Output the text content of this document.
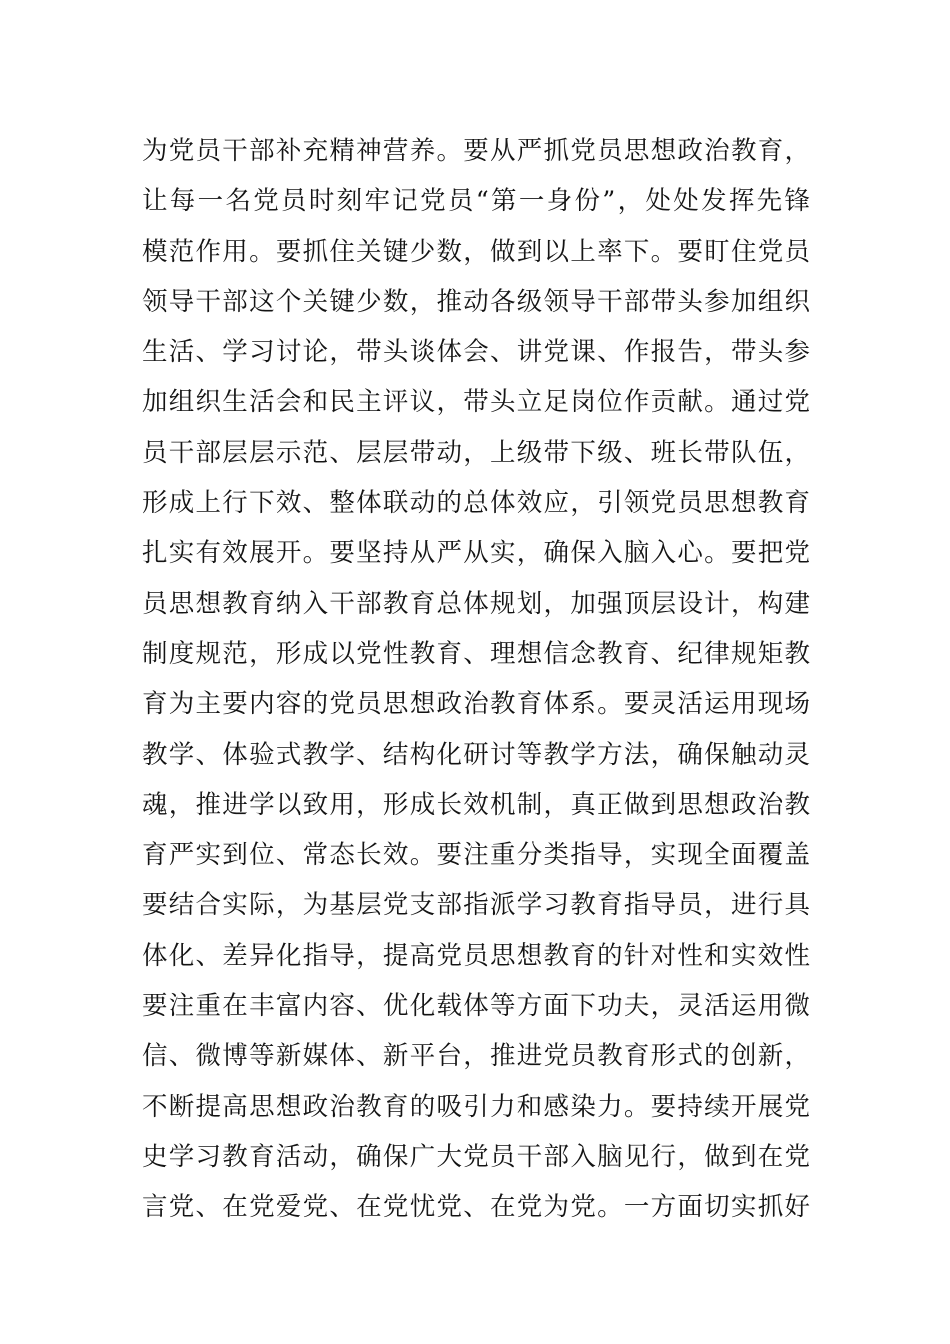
为党员干部补充精神营养。要从严抓党员思想政治教育，
让每一名党员时刻牢记党员“第一身份”，处处发挥先锋
模范作用。要抓住关键少数，做到以上率下。要盯住党员
领导干部这个关键少数，推动各级领导干部带头参加组织
生活、学习讨论，带头谈体会、讲党课、作报告，带头参
加组织生活会和民主评议，带头立足岗位作贡献。通过党
员干部层层示范、层层带动，上级带下级、班长带队伍，
形成上行下效、整体联动的总体效应，引领党员思想教育
扎实有效展开。要坚持从严从实，确保入脑入心。要把党
员思想教育纳入干部教育总体规划，加强顶层设计，构建
制度规范，形成以党性教育、理想信念教育、纪律规矩教
育为主要内容的党员思想政治教育体系。要灵活运用现场
教学、体验式教学、结构化研讨等教学方法，确保触动灵
魂，推进学以致用，形成长效机制，真正做到思想政治教
育严实到位、常态长效。要注重分类指导，实现全面覆盖
要结合实际，为基层党支部指派学习教育指导员，进行具
体化、差异化指导，提高党员思想教育的针对性和实效性
要注重在丰富内容、优化载体等方面下功夫，灵活运用微
信、微博等新媒体、新平台，推进党员教育形式的创新，
不断提高思想政治教育的吸引力和感染力。要持续开展党
史学习教育活动，确保广大党员干部入脑见行，做到在党
言党、在党爱党、在党忧党、在党为党。一方面切实抓好
